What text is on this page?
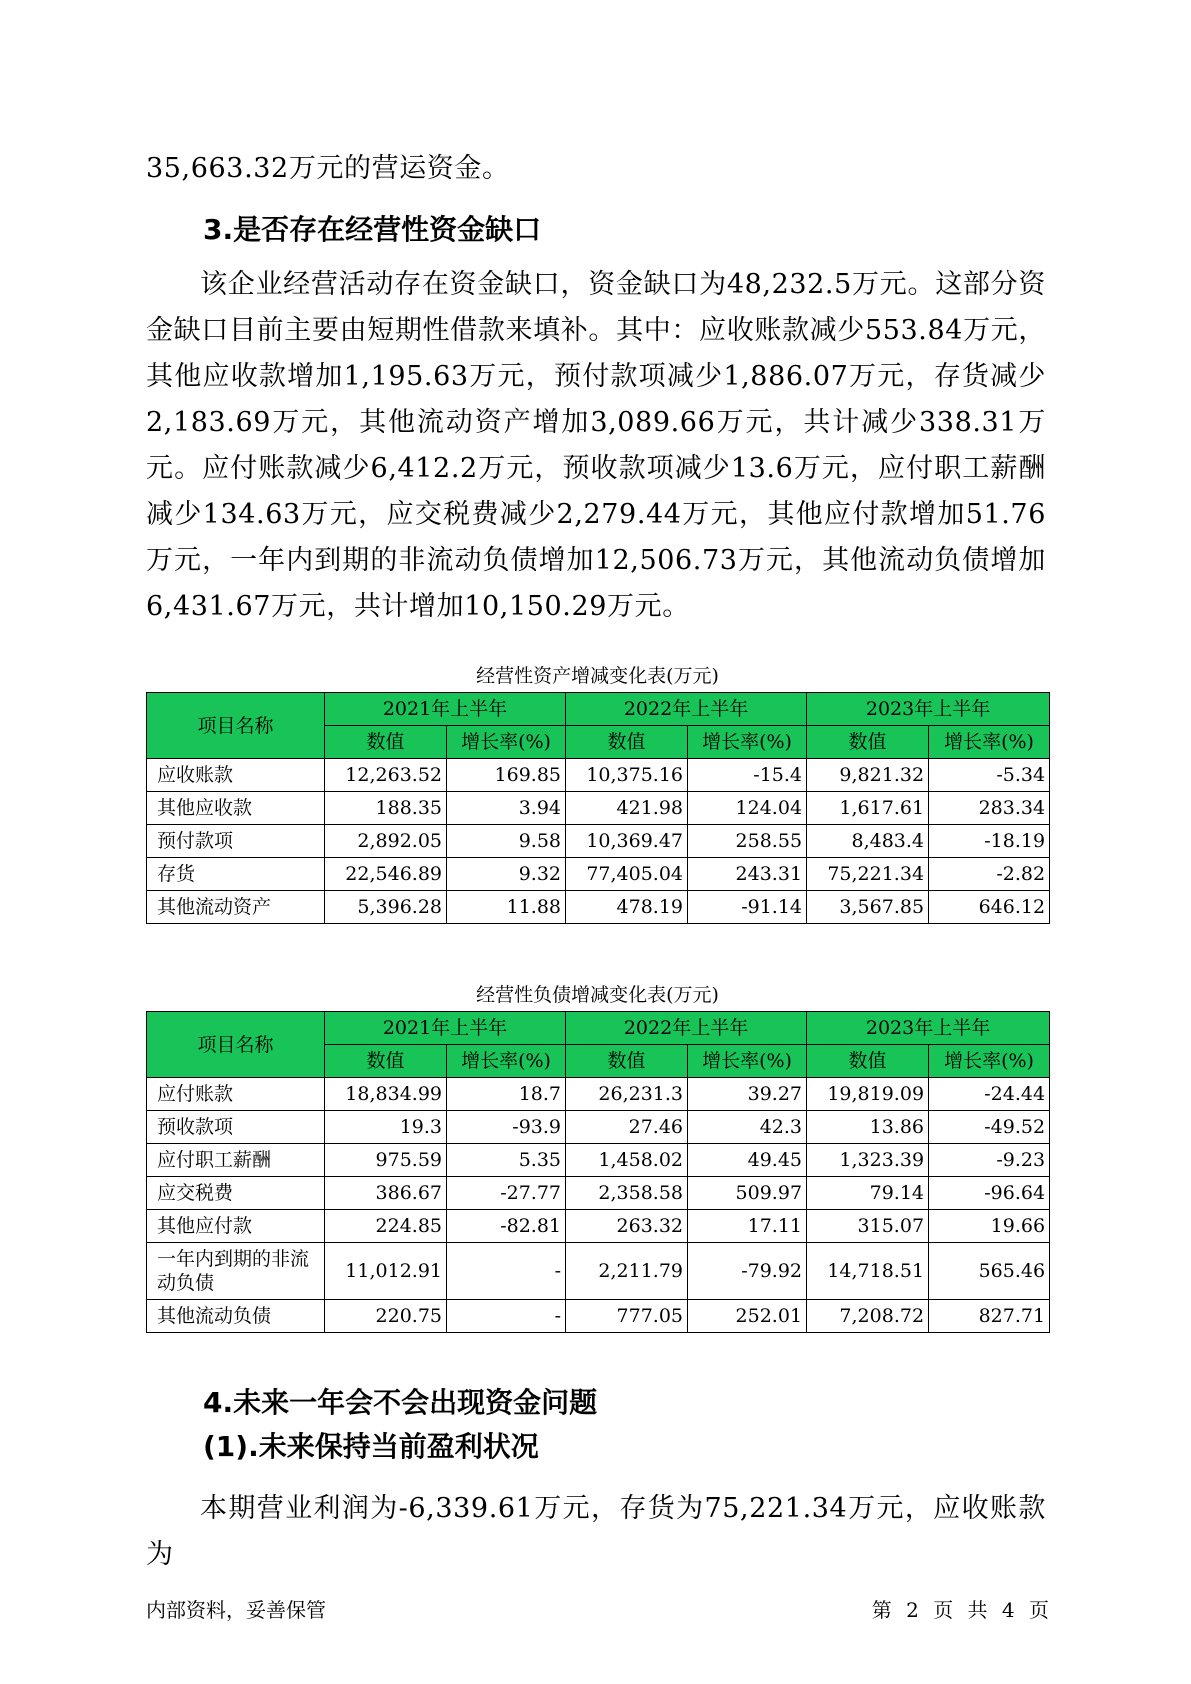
35,663.32万元的营运资金。

3.是否存在经营性资金缺口

该企业经营活动存在资金缺口，资金缺口为48,232.5万元。这部分资金缺口目前主要由短期性借款来填补。其中：应收账款减少553.84万元，其他应收款增加1,195.63万元，预付款项减少1,886.07万元，存货减少2,183.69万元，其他流动资产增加3,089.66万元，共计减少338.31万元。应付账款减少6,412.2万元，预收款项减少13.6万元，应付职工薪酬减少134.63万元，应交税费减少2,279.44万元，其他应付款增加51.76万元，一年内到期的非流动负债增加12,506.73万元，其他流动负债增加6,431.67万元，共计增加10,150.29万元。

经营性资产增减变化表(万元)
项目名称	2021年上半年		2022年上半年		2023年上半年	
	数值	增长率(%)	数值	增长率(%)	数值	增长率(%)
应收账款	12,263.52	169.85	10,375.16	-15.4	9,821.32	-5.34
其他应收款	188.35	3.94	421.98	124.04	1,617.61	283.34
预付款项	2,892.05	9.58	10,369.47	258.55	8,483.4	-18.19
存货	22,546.89	9.32	77,405.04	243.31	75,221.34	-2.82
其他流动资产	5,396.28	11.88	478.19	-91.14	3,567.85	646.12
经营性负债增减变化表(万元)
项目名称	2021年上半年		2022年上半年		2023年上半年	
	数值	增长率(%)	数值	增长率(%)	数值	增长率(%)
应付账款	18,834.99	18.7	26,231.3	39.27	19,819.09	-24.44
预收款项	19.3	-93.9	27.46	42.3	13.86	-49.52
应付职工薪酬	975.59	5.35	1,458.02	49.45	1,323.39	-9.23
应交税费	386.67	-27.77	2,358.58	509.97	79.14	-96.64
其他应付款	224.85	-82.81	263.32	17.11	315.07	19.66
一年内到期的非流动负债	11,012.91	-	2,211.79	-79.92	14,718.51	565.46
其他流动负债	220.75	-	777.05	252.01	7,208.72	827.71
4.未来一年会不会出现资金问题
(1).未来保持当前盈利状况

本期营业利润为-6,339.61万元，存货为75,221.34万元，应收账款为

内部资料，妥善保管	第 2 页 共 4 页
